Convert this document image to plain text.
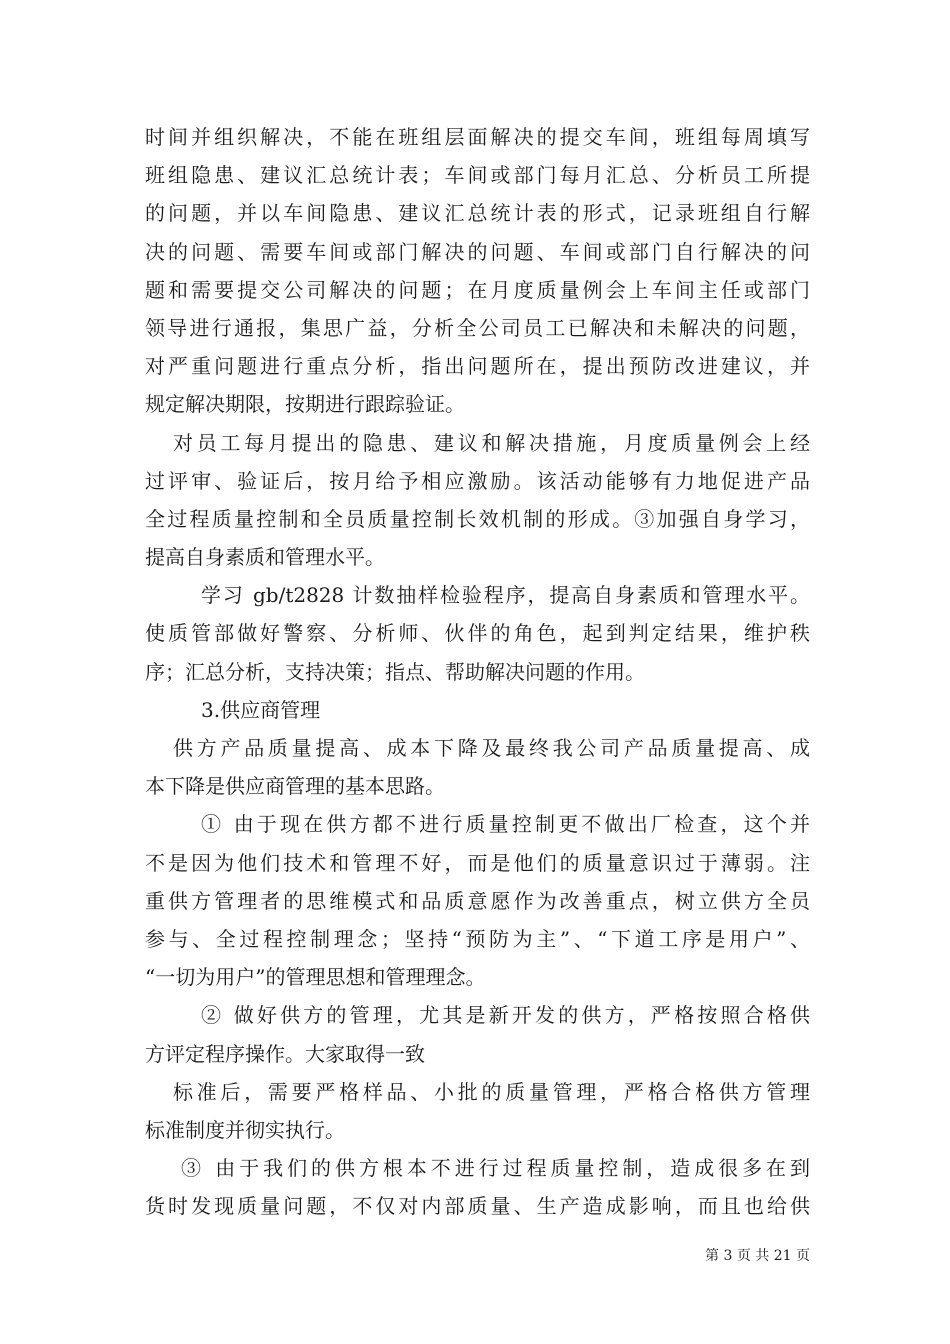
时间并组织解决，不能在班组层面解决的提交车间，班组每周填写
班组隐患、建议汇总统计表；车间或部门每月汇总、分析员工所提
的问题，并以车间隐患、建议汇总统计表的形式，记录班组自行解
决的问题、需要车间或部门解决的问题、车间或部门自行解决的问
题和需要提交公司解决的问题；在月度质量例会上车间主任或部门
领导进行通报，集思广益，分析全公司员工已解决和未解决的问题，
对严重问题进行重点分析，指出问题所在，提出预防改进建议，并
规定解决期限，按期进行跟踪验证。
对员工每月提出的隐患、建议和解决措施，月度质量例会上经
过评审、验证后，按月给予相应激励。该活动能够有力地促进产品
全过程质量控制和全员质量控制长效机制的形成。③加强自身学习，
提高自身素质和管理水平。
学习 gb/t2828 计数抽样检验程序，提高自身素质和管理水平。
使质管部做好警察、分析师、伙伴的角色，起到判定结果，维护秩
序；汇总分析，支持决策；指点、帮助解决问题的作用。
3.供应商管理
供方产品质量提高、成本下降及最终我公司产品质量提高、成
本下降是供应商管理的基本思路。
① 由于现在供方都不进行质量控制更不做出厂检查，这个并
不是因为他们技术和管理不好，而是他们的质量意识过于薄弱。注
重供方管理者的思维模式和品质意愿作为改善重点，树立供方全员
参与、全过程控制理念；坚持“预防为主”、“下道工序是用户”、
“一切为用户”的管理思想和管理理念。
② 做好供方的管理，尤其是新开发的供方，严格按照合格供
方评定程序操作。大家取得一致
标准后，需要严格样品、小批的质量管理，严格合格供方管理
标准制度并彻实执行。
③ 由于我们的供方根本不进行过程质量控制，造成很多在到
货时发现质量问题，不仅对内部质量、生产造成影响，而且也给供
第 3 页 共 21 页
